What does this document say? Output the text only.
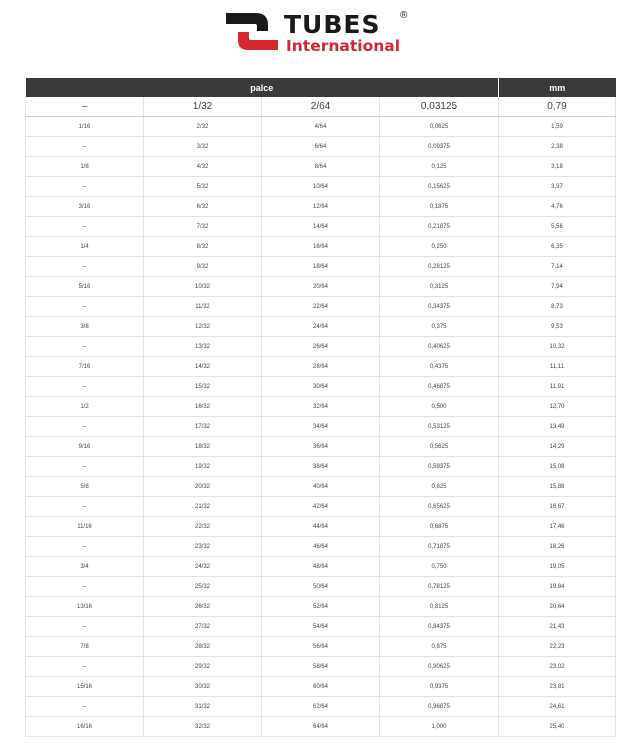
TUBES ®
International
palce				mm
–	1/32	2/64	0,03125	0,79
1/16	2/32	4/64	0,0625	1,59
–	3/32	6/64	0,09375	2,38
1/8	4/32	8/64	0,125	3,18
–	5/32	10/64	0,15625	3,97
3/16	6/32	12/64	0,1875	4,76
–	7/32	14/64	0,21875	5,56
1/4	8/32	16/64	0,250	6,35
–	9/32	18/64	0,28125	7,14
5/16	10/32	20/64	0,3125	7,94
–	11/32	22/64	0,34375	8,73
3/8	12/32	24/64	0,375	9,53
–	13/32	26/64	0,40625	10,32
7/16	14/32	28/64	0,4375	11,11
–	15/32	30/64	0,46875	11,91
1/2	16/32	32/64	0,500	12,70
–	17/32	34/64	0,53125	13,49
9/16	18/32	36/64	0,5625	14,29
–	19/32	38/64	0,59375	15,08
5/8	20/32	40/64	0,625	15,88
–	21/32	42/64	0,65625	16,67
11/16	22/32	44/64	0,6875	17,46
–	23/32	46/64	0,71875	18,26
3/4	24/32	48/64	0,750	19,05
–	25/32	50/64	0,78125	19,84
13/16	26/32	52/64	0,8125	20,64
–	27/32	54/64	0,84375	21,43
7/8	28/32	56/64	0,875	22,23
–	29/32	58/64	0,90625	23,02
15/16	30/32	60/64	0,9375	23,81
–	31/32	62/64	0,96875	24,61
16/16	32/32	64/64	1,000	25,40
